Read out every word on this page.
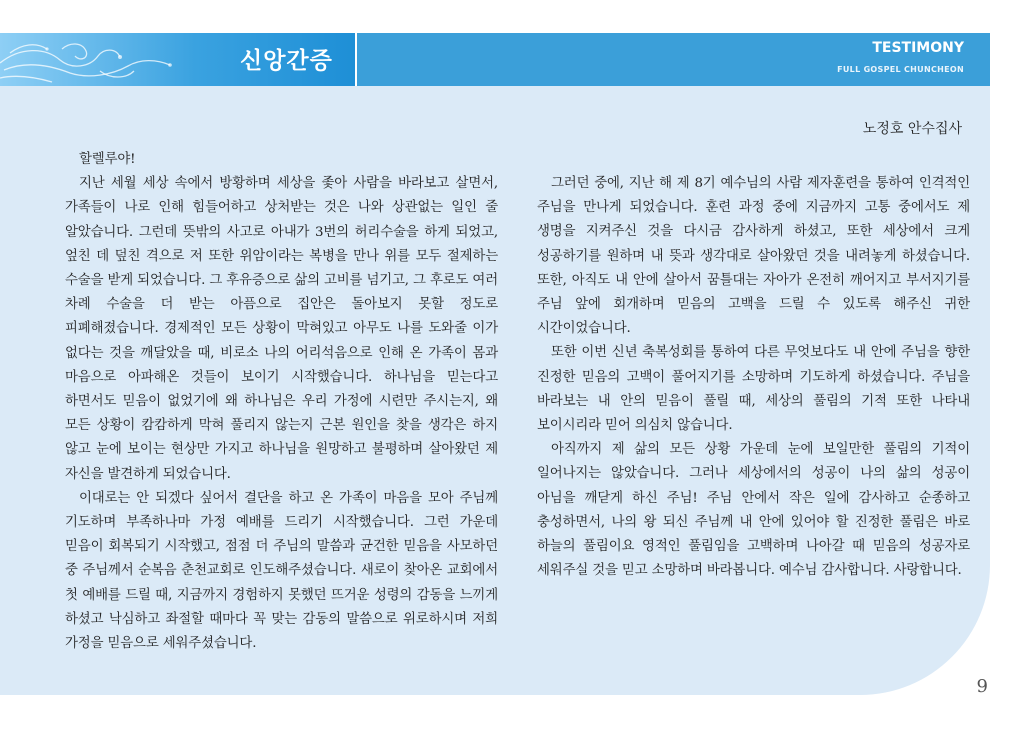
신앙간증	TESTIMONY
FULL GOSPEL CHUNCHEON
노정호 안수집사

할렐루야!

지난 세월 세상 속에서 방황하며 세상을 좇아 사람을 바라보고 살면서, 가족들이 나로 인해 힘들어하고 상처받는 것은 나와 상관없는 일인 줄 알았습니다. 그런데 뜻밖의 사고로 아내가 3번의 허리수술을 하게 되었고, 엎친 데 덮친 격으로 저 또한 위암이라는 복병을 만나 위를 모두 절제하는 수술을 받게 되었습니다. 그 후유증으로 삶의 고비를 넘기고, 그 후로도 여러 차례 수술을 더 받는 아픔으로 집안은 돌아보지 못할 정도로 피폐해졌습니다. 경제적인 모든 상황이 막혀있고 아무도 나를 도와줄 이가 없다는 것을 깨달았을 때, 비로소 나의 어리석음으로 인해 온 가족이 몸과 마음으로 아파해온 것들이 보이기 시작했습니다. 하나님을 믿는다고 하면서도 믿음이 없었기에 왜 하나님은 우리 가정에 시련만 주시는지, 왜 모든 상황이 캄캄하게 막혀 풀리지 않는지 근본 원인을 찾을 생각은 하지 않고 눈에 보이는 현상만 가지고 하나님을 원망하고 불평하며 살아왔던 제 자신을 발견하게 되었습니다.

이대로는 안 되겠다 싶어서 결단을 하고 온 가족이 마음을 모아 주님께 기도하며 부족하나마 가정 예배를 드리기 시작했습니다. 그런 가운데 믿음이 회복되기 시작했고, 점점 더 주님의 말씀과 균건한 믿음을 사모하던 중 주님께서 순복음 춘천교회로 인도해주셨습니다. 새로이 찾아온 교회에서 첫 예배를 드릴 때, 지금까지 경험하지 못했던 뜨거운 성령의 감동을 느끼게 하셨고 낙심하고 좌절할 때마다 꼭 맞는 감동의 말씀으로 위로하시며 저희 가정을 믿음으로 세워주셨습니다.

그러던 중에, 지난 해 제 8기 예수님의 사람 제자훈련을 통하여 인격적인 주님을 만나게 되었습니다. 훈련 과정 중에 지금까지 고통 중에서도 제 생명을 지켜주신 것을 다시금 감사하게 하셨고, 또한 세상에서 크게 성공하기를 원하며 내 뜻과 생각대로 살아왔던 것을 내려놓게 하셨습니다. 또한, 아직도 내 안에 살아서 꿈틀대는 자아가 온전히 깨어지고 부서지기를 주님 앞에 회개하며 믿음의 고백을 드릴 수 있도록 해주신 귀한 시간이었습니다.

또한 이번 신년 축복성회를 통하여 다른 무엇보다도 내 안에 주님을 향한 진정한 믿음의 고백이 풀어지기를 소망하며 기도하게 하셨습니다. 주님을 바라보는 내 안의 믿음이 풀릴 때, 세상의 풀림의 기적 또한 나타내 보이시리라 믿어 의심치 않습니다.

아직까지 제 삶의 모든 상황 가운데 눈에 보일만한 풀림의 기적이 일어나지는 않았습니다. 그러나 세상에서의 성공이 나의 삶의 성공이 아님을 깨닫게 하신 주님! 주님 안에서 작은 일에 감사하고 순종하고 충성하면서, 나의 왕 되신 주님께 내 안에 있어야 할 진정한 풀림은 바로 하늘의 풀림이요 영적인 풀림임을 고백하며 나아갈 때 믿음의 성공자로 세워주실 것을 믿고 소망하며 바라봅니다. 예수님 감사합니다. 사랑합니다.

9
